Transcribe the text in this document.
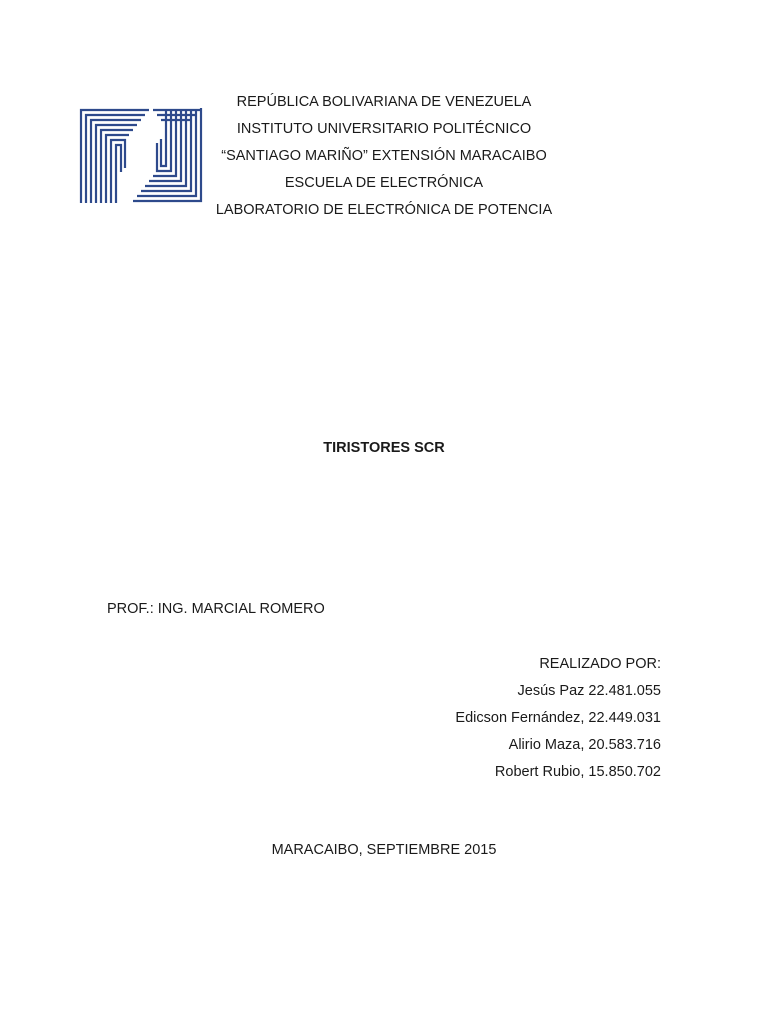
REPÚBLICA BOLIVARIANA DE VENEZUELA
INSTITUTO UNIVERSITARIO POLITÉCNICO
“SANTIAGO MARIÑO” EXTENSIÓN MARACAIBO
ESCUELA DE ELECTRÓNICA
LABORATORIO DE ELECTRÓNICA DE POTENCIA
TIRISTORES SCR
PROF.: ING. MARCIAL ROMERO
REALIZADO POR:
Jesús Paz 22.481.055
Edicson Fernández, 22.449.031
Alirio Maza, 20.583.716
Robert Rubio, 15.850.702
MARACAIBO, SEPTIEMBRE 2015
